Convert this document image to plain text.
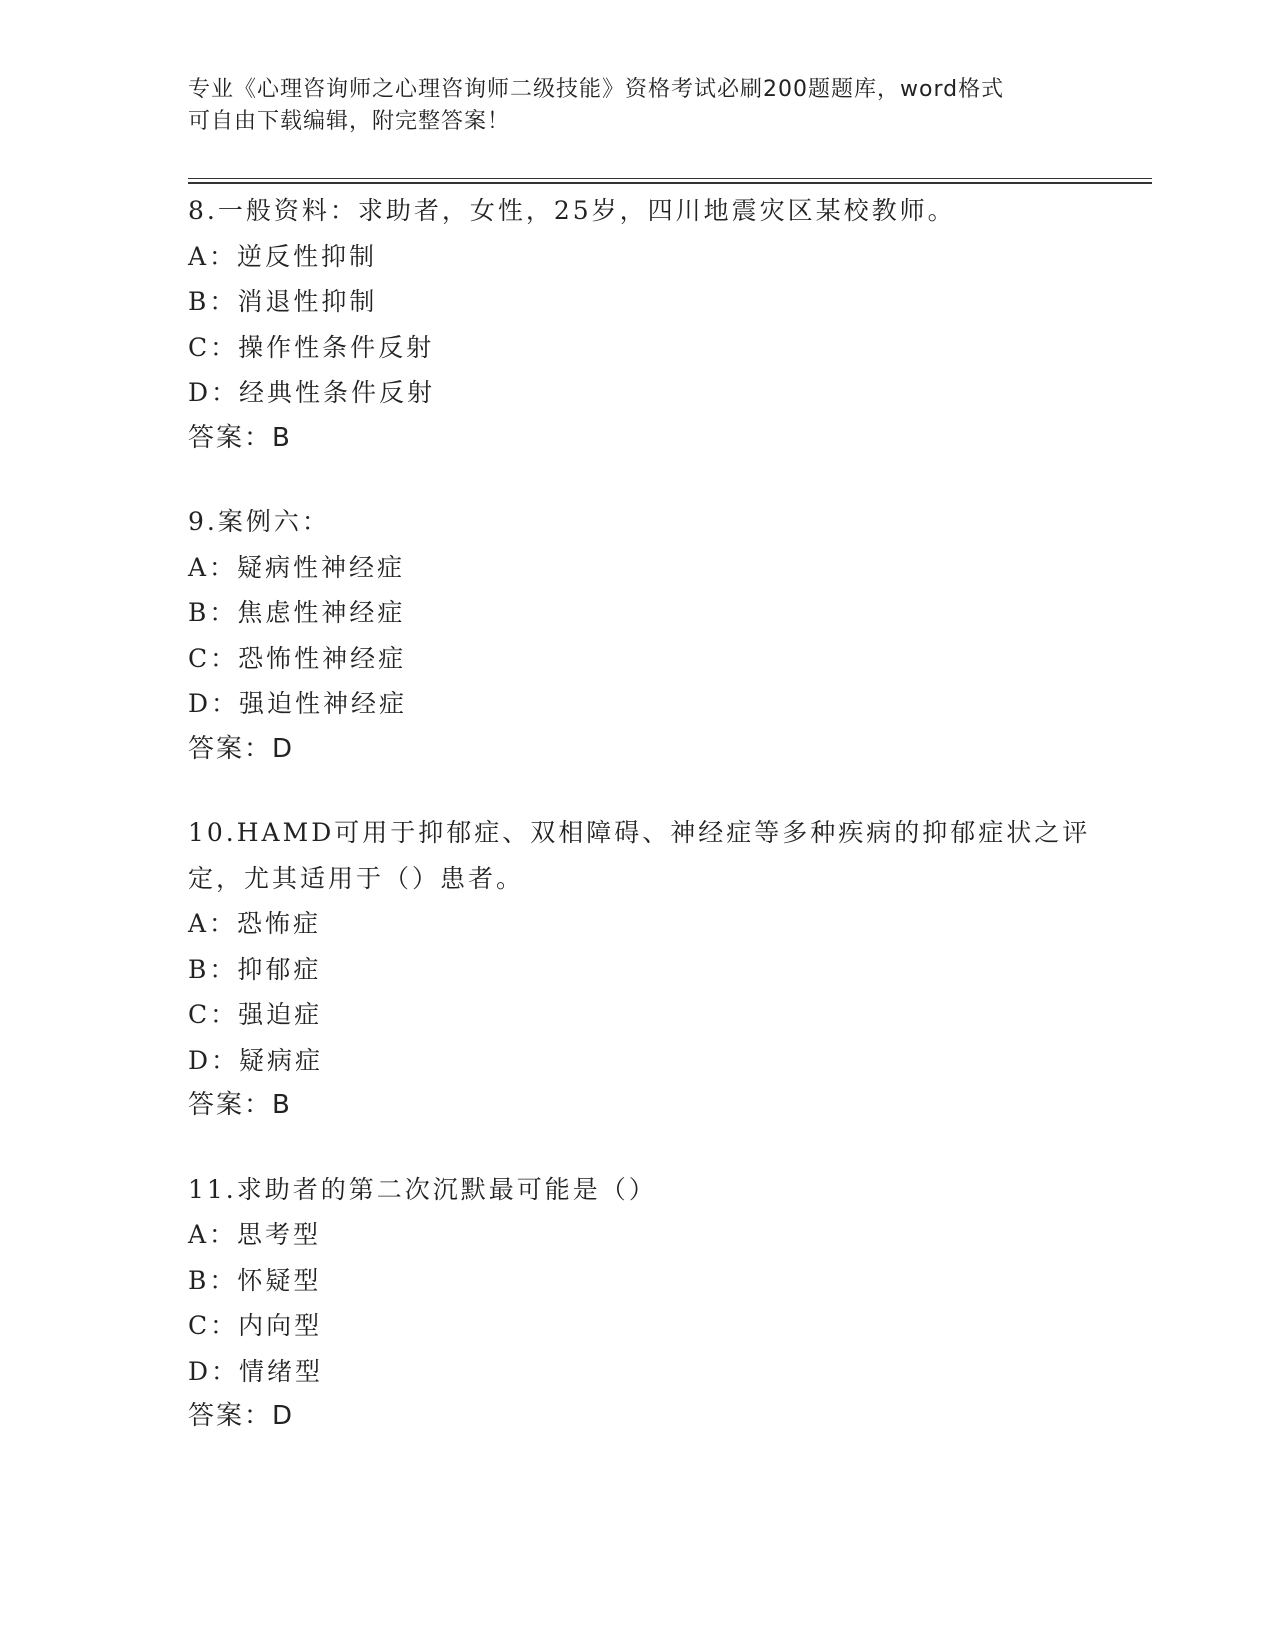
专业《心理咨询师之心理咨询师二级技能》资格考试必刷200题题库，word格式
可自由下载编辑，附完整答案！
8.一般资料：求助者，女性，25岁，四川地震灾区某校教师。
A：逆反性抑制
B：消退性抑制
C：操作性条件反射
D：经典性条件反射
答案：B
9.案例六：
A：疑病性神经症
B：焦虑性神经症
C：恐怖性神经症
D：强迫性神经症
答案：D
10.HAMD可用于抑郁症、双相障碍、神经症等多种疾病的抑郁症状之评
定，尤其适用于（）患者。
A：恐怖症
B：抑郁症
C：强迫症
D：疑病症
答案：B
11.求助者的第二次沉默最可能是（）
A：思考型
B：怀疑型
C：内向型
D：情绪型
答案：D
